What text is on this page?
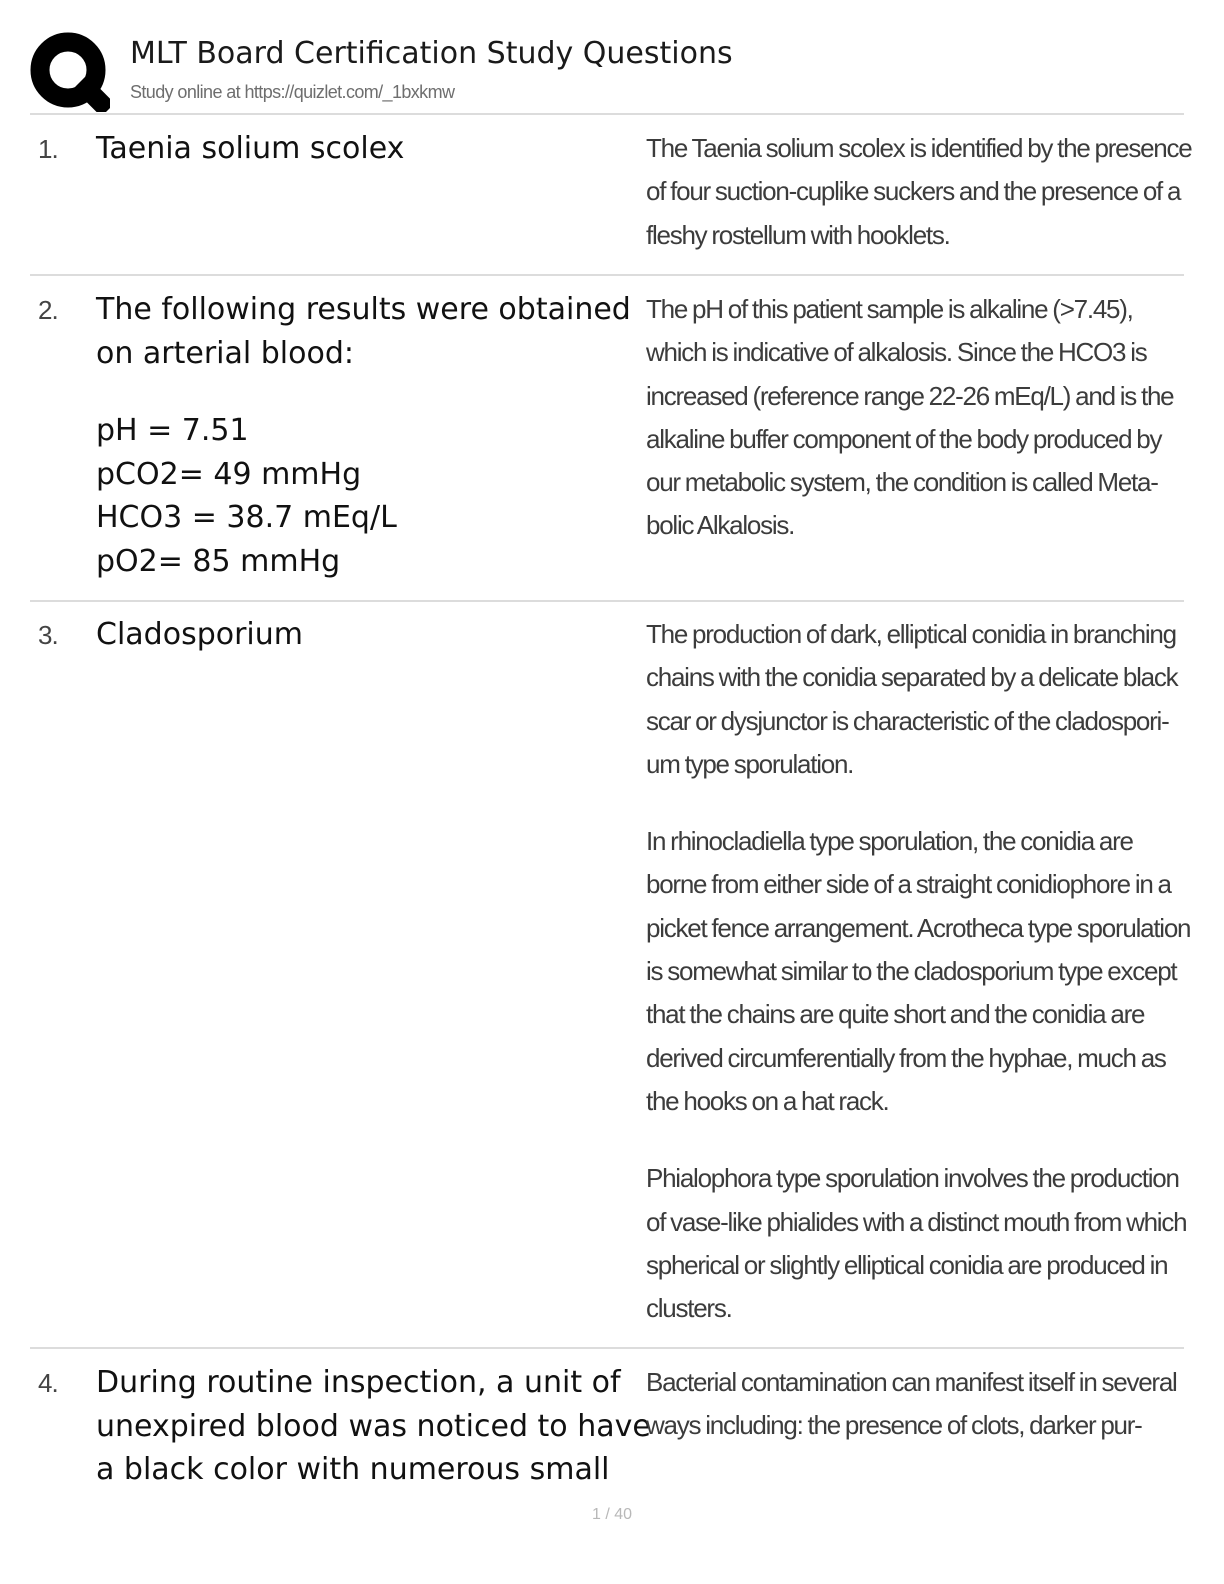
MLT Board Certification Study Questions
Study online at https://quizlet.com/_1bxkmw
1. Taenia solium scolex	The Taenia solium scolex is identified by the presence
of four suction-cuplike suckers and the presence of a
fleshy rostellum with hooklets.
2. The following results were obtained
on arterial blood:
pH = 7.51
pCO2= 49 mmHg
HCO3 = 38.7 mEq/L
pO2= 85 mmHg
The pH of this patient sample is alkaline (>7.45),
which is indicative of alkalosis. Since the HCO3 is
increased (reference range 22-26 mEq/L) and is the
alkaline buffer component of the body produced by
our metabolic system, the condition is called Meta-
bolic Alkalosis.
3. Cladosporium	The production of dark, elliptical conidia in branching
chains with the conidia separated by a delicate black
scar or dysjunctor is characteristic of the cladospori-
um type sporulation.
In rhinocladiella type sporulation, the conidia are
borne from either side of a straight conidiophore in a
picket fence arrangement. Acrotheca type sporulation
is somewhat similar to the cladosporium type except
that the chains are quite short and the conidia are
derived circumferentially from the hyphae, much as
the hooks on a hat rack.
Phialophora type sporulation involves the production
of vase-like phialides with a distinct mouth from which
spherical or slightly elliptical conidia are produced in
clusters.
4. During routine inspection, a unit of
unexpired blood was noticed to have
a black color with numerous small
Bacterial contamination can manifest itself in several
ways including: the presence of clots, darker pur-
1 / 40
